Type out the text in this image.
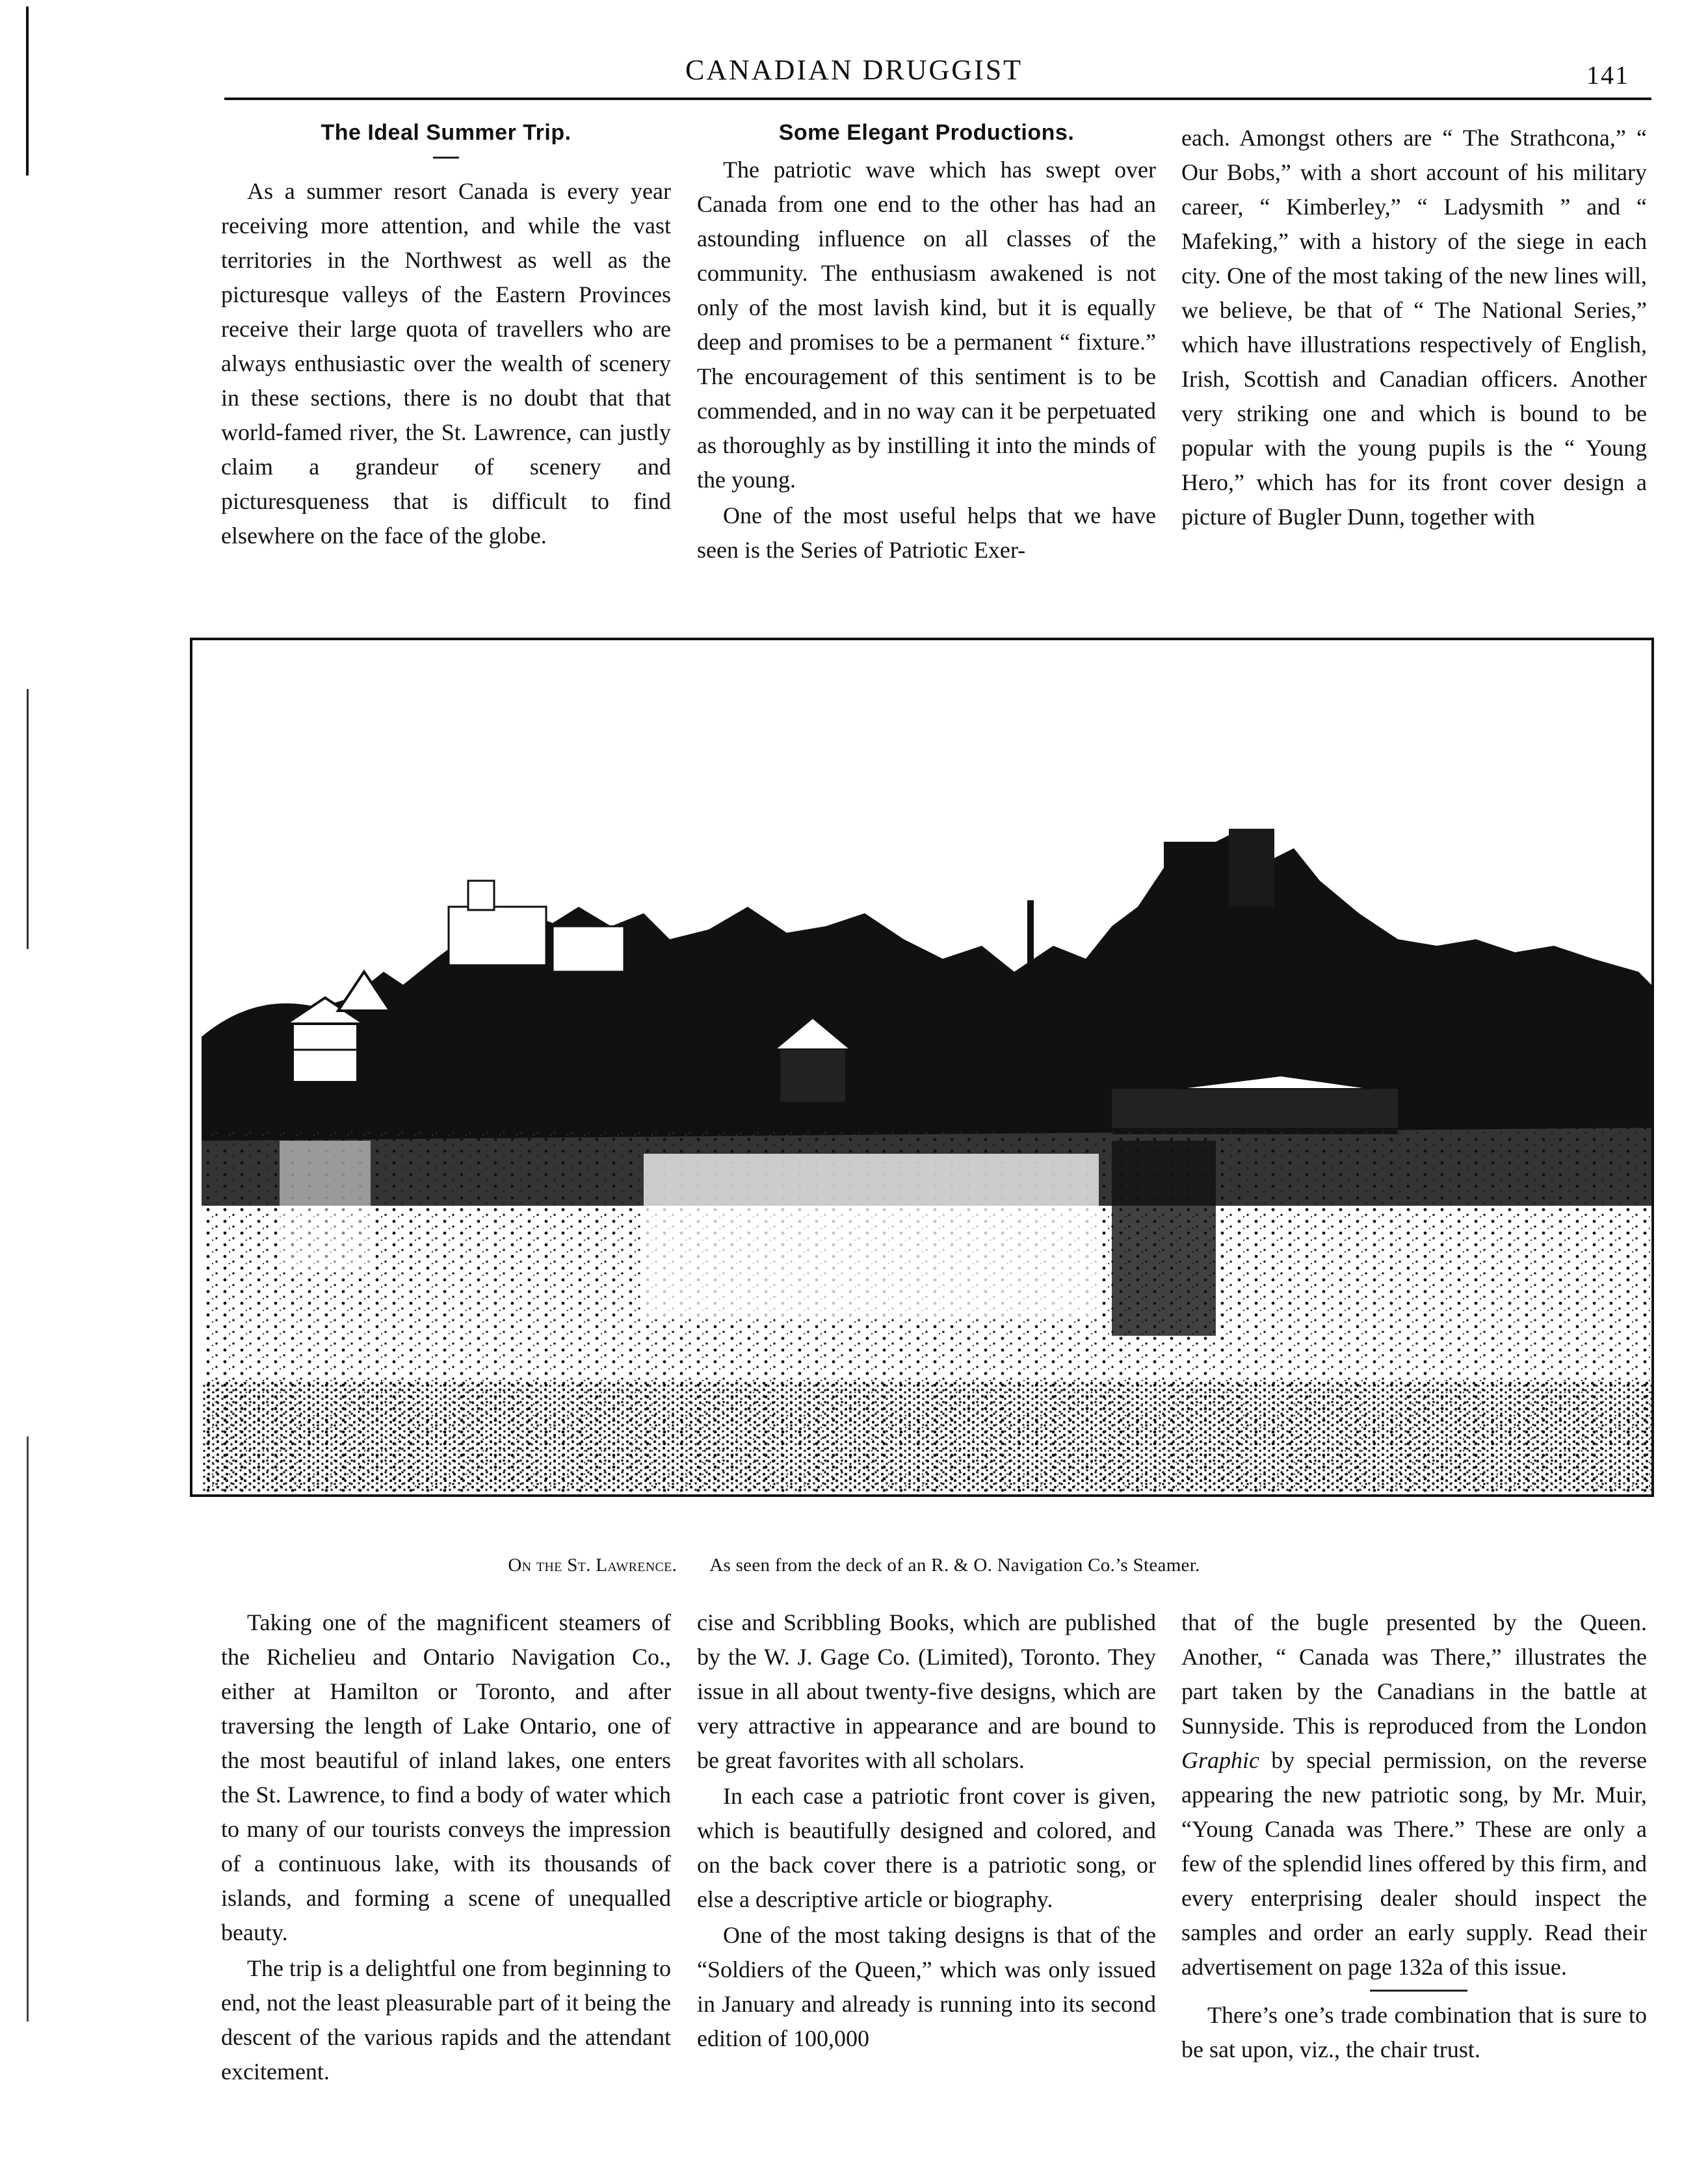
CANADIAN DRUGGIST	141
The Ideal Summer Trip.

As a summer resort Canada is every year receiving more attention, and while the vast territories in the Northwest as well as the picturesque valleys of the Eastern Provinces receive their large quota of travellers who are always enthusiastic over the wealth of scenery in these sections, there is no doubt that that world-famed river, the St. Lawrence, can justly claim a grandeur of scenery and picturesqueness that is difficult to find elsewhere on the face of the globe.

Some Elegant Productions.

The patriotic wave which has swept over Canada from one end to the other has had an astounding influence on all classes of the community. The enthusiasm awakened is not only of the most lavish kind, but it is equally deep and promises to be a permanent “ fixture.” The encouragement of this sentiment is to be commended, and in no way can it be perpetuated as thoroughly as by instilling it into the minds of the young.

One of the most useful helps that we have seen is the Series of Patriotic Exer-

each. Amongst others are “ The Strathcona,” “ Our Bobs,” with a short account of his military career, “ Kimberley,” “ Ladysmith ” and “ Mafeking,” with a history of the siege in each city. One of the most taking of the new lines will, we believe, be that of “ The National Series,” which have illustrations respectively of English, Irish, Scottish and Canadian officers. Another very striking one and which is bound to be popular with the young pupils is the “ Young Hero,” which has for its front cover design a picture of Bugler Dunn, together with

On the St. Lawrence. As seen from the deck of an R. & O. Navigation Co.’s Steamer.

Taking one of the magnificent steamers of the Richelieu and Ontario Navigation Co., either at Hamilton or Toronto, and after traversing the length of Lake Ontario, one of the most beautiful of inland lakes, one enters the St. Lawrence, to find a body of water which to many of our tourists conveys the impression of a continuous lake, with its thousands of islands, and forming a scene of unequalled beauty.

The trip is a delightful one from beginning to end, not the least pleasurable part of it being the descent of the various rapids and the attendant excitement.

cise and Scribbling Books, which are published by the W. J. Gage Co. (Limited), Toronto. They issue in all about twenty-five designs, which are very attractive in appearance and are bound to be great favorites with all scholars.

In each case a patriotic front cover is given, which is beautifully designed and colored, and on the back cover there is a patriotic song, or else a descriptive article or biography.

One of the most taking designs is that of the “Soldiers of the Queen,” which was only issued in January and already is running into its second edition of 100,000

that of the bugle presented by the Queen. Another, “ Canada was There,” illustrates the part taken by the Canadians in the battle at Sunnyside. This is reproduced from the London Graphic by special permission, on the reverse appearing the new patriotic song, by Mr. Muir, “Young Canada was There.” These are only a few of the splendid lines offered by this firm, and every enterprising dealer should inspect the samples and order an early supply. Read their advertisement on page 132a of this issue.

There’s one’s trade combination that is sure to be sat upon, viz., the chair trust.
